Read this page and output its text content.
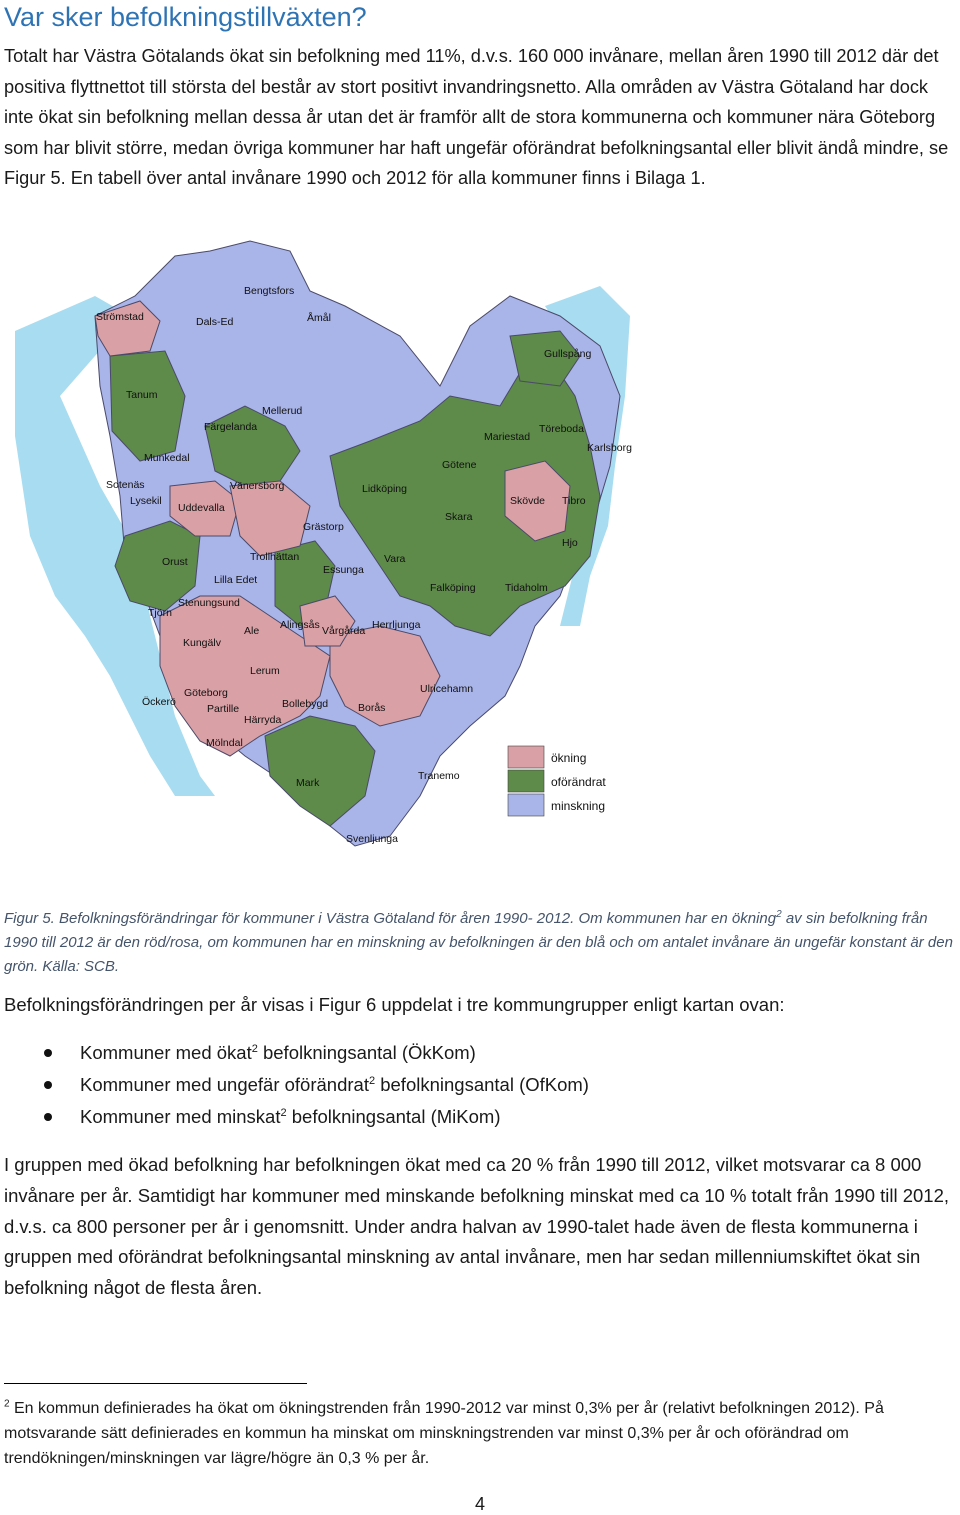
Var sker befolkningstillväxten?
Totalt har Västra Götalands ökat sin befolkning med 11%, d.v.s. 160 000 invånare, mellan åren 1990 till 2012 där det positiva flyttnettot till största del består av stort positivt invandringsnetto. Alla områden av Västra Götaland har dock inte ökat sin befolkning mellan dessa år utan det är framför allt de stora kommunerna och kommuner nära Göteborg som har blivit större, medan övriga kommuner har haft ungefär oförändrat befolkningsantal eller blivit ändå mindre, se Figur 5. En tabell över antal invånare 1990 och 2012 för alla kommuner finns i Bilaga 1.
ökning
oförändrat
minskning
Strömstad	Dals-Ed
Bengtsfors
Åmål
Gullspång
Tanum
Mellerud
Färgelanda
Mariestad
Töreboda
Karlsborg
Munkedal
Götene
Sotenäs
Lysekil
Vänersborg	Lidköping
Skövde Tibro
Uddevalla
Skara
Grästorp
Hjo
Orust	Trollhättan	Vara
Essunga
Lilla Edet
Falköping	Tidaholm
Tjörn
Stenungsund
Ale Alingsås Vårgårda Herrljunga
Kungälv
Lerum
Ulricehamn
Göteborg
Öckerö
Partille	Bollebygd	Borås
Härryda
Mölndal
Mark
Tranemo
Svenljunga
Figur 5. Befolkningsförändringar för kommuner i Västra Götaland för åren 1990- 2012. Om kommunen har en ökning$^2$ av sin befolkning från 1990 till 2012 är den röd/rosa, om kommunen har en minskning av befolkningen är den blå och om antalet invånare än ungefär konstant är den grön. Källa: SCB.
Befolkningsförändringen per år visas i Figur 6 uppdelat i tre kommungrupper enligt kartan ovan:
Kommuner med ökat$^2$ befolkningsantal (ÖkKom)
Kommuner med ungefär oförändrat$^2$ befolkningsantal (OfKom)
Kommuner med minskat$^2$ befolkningsantal (MiKom)
I gruppen med ökad befolkning har befolkningen ökat med ca 20 % från 1990 till 2012, vilket motsvarar ca 8 000 invånare per år. Samtidigt har kommuner med minskande befolkning minskat med ca 10 % totalt från 1990 till 2012, d.v.s. ca 800 personer per år i genomsnitt. Under andra halvan av 1990-talet hade även de flesta kommunerna i gruppen med oförändrat befolkningsantal minskning av antal invånare, men har sedan millenniumskiftet ökat sin befolkning något de flesta åren.
$^2$ En kommun definierades ha ökat om ökningstrenden från 1990-2012 var minst 0,3% per år (relativt befolkningen 2012). På motsvarande sätt definierades en kommun ha minskat om minskningstrenden var minst 0,3% per år och oförändrad om trendökningen/minskningen var lägre/högre än 0,3 % per år.
4
